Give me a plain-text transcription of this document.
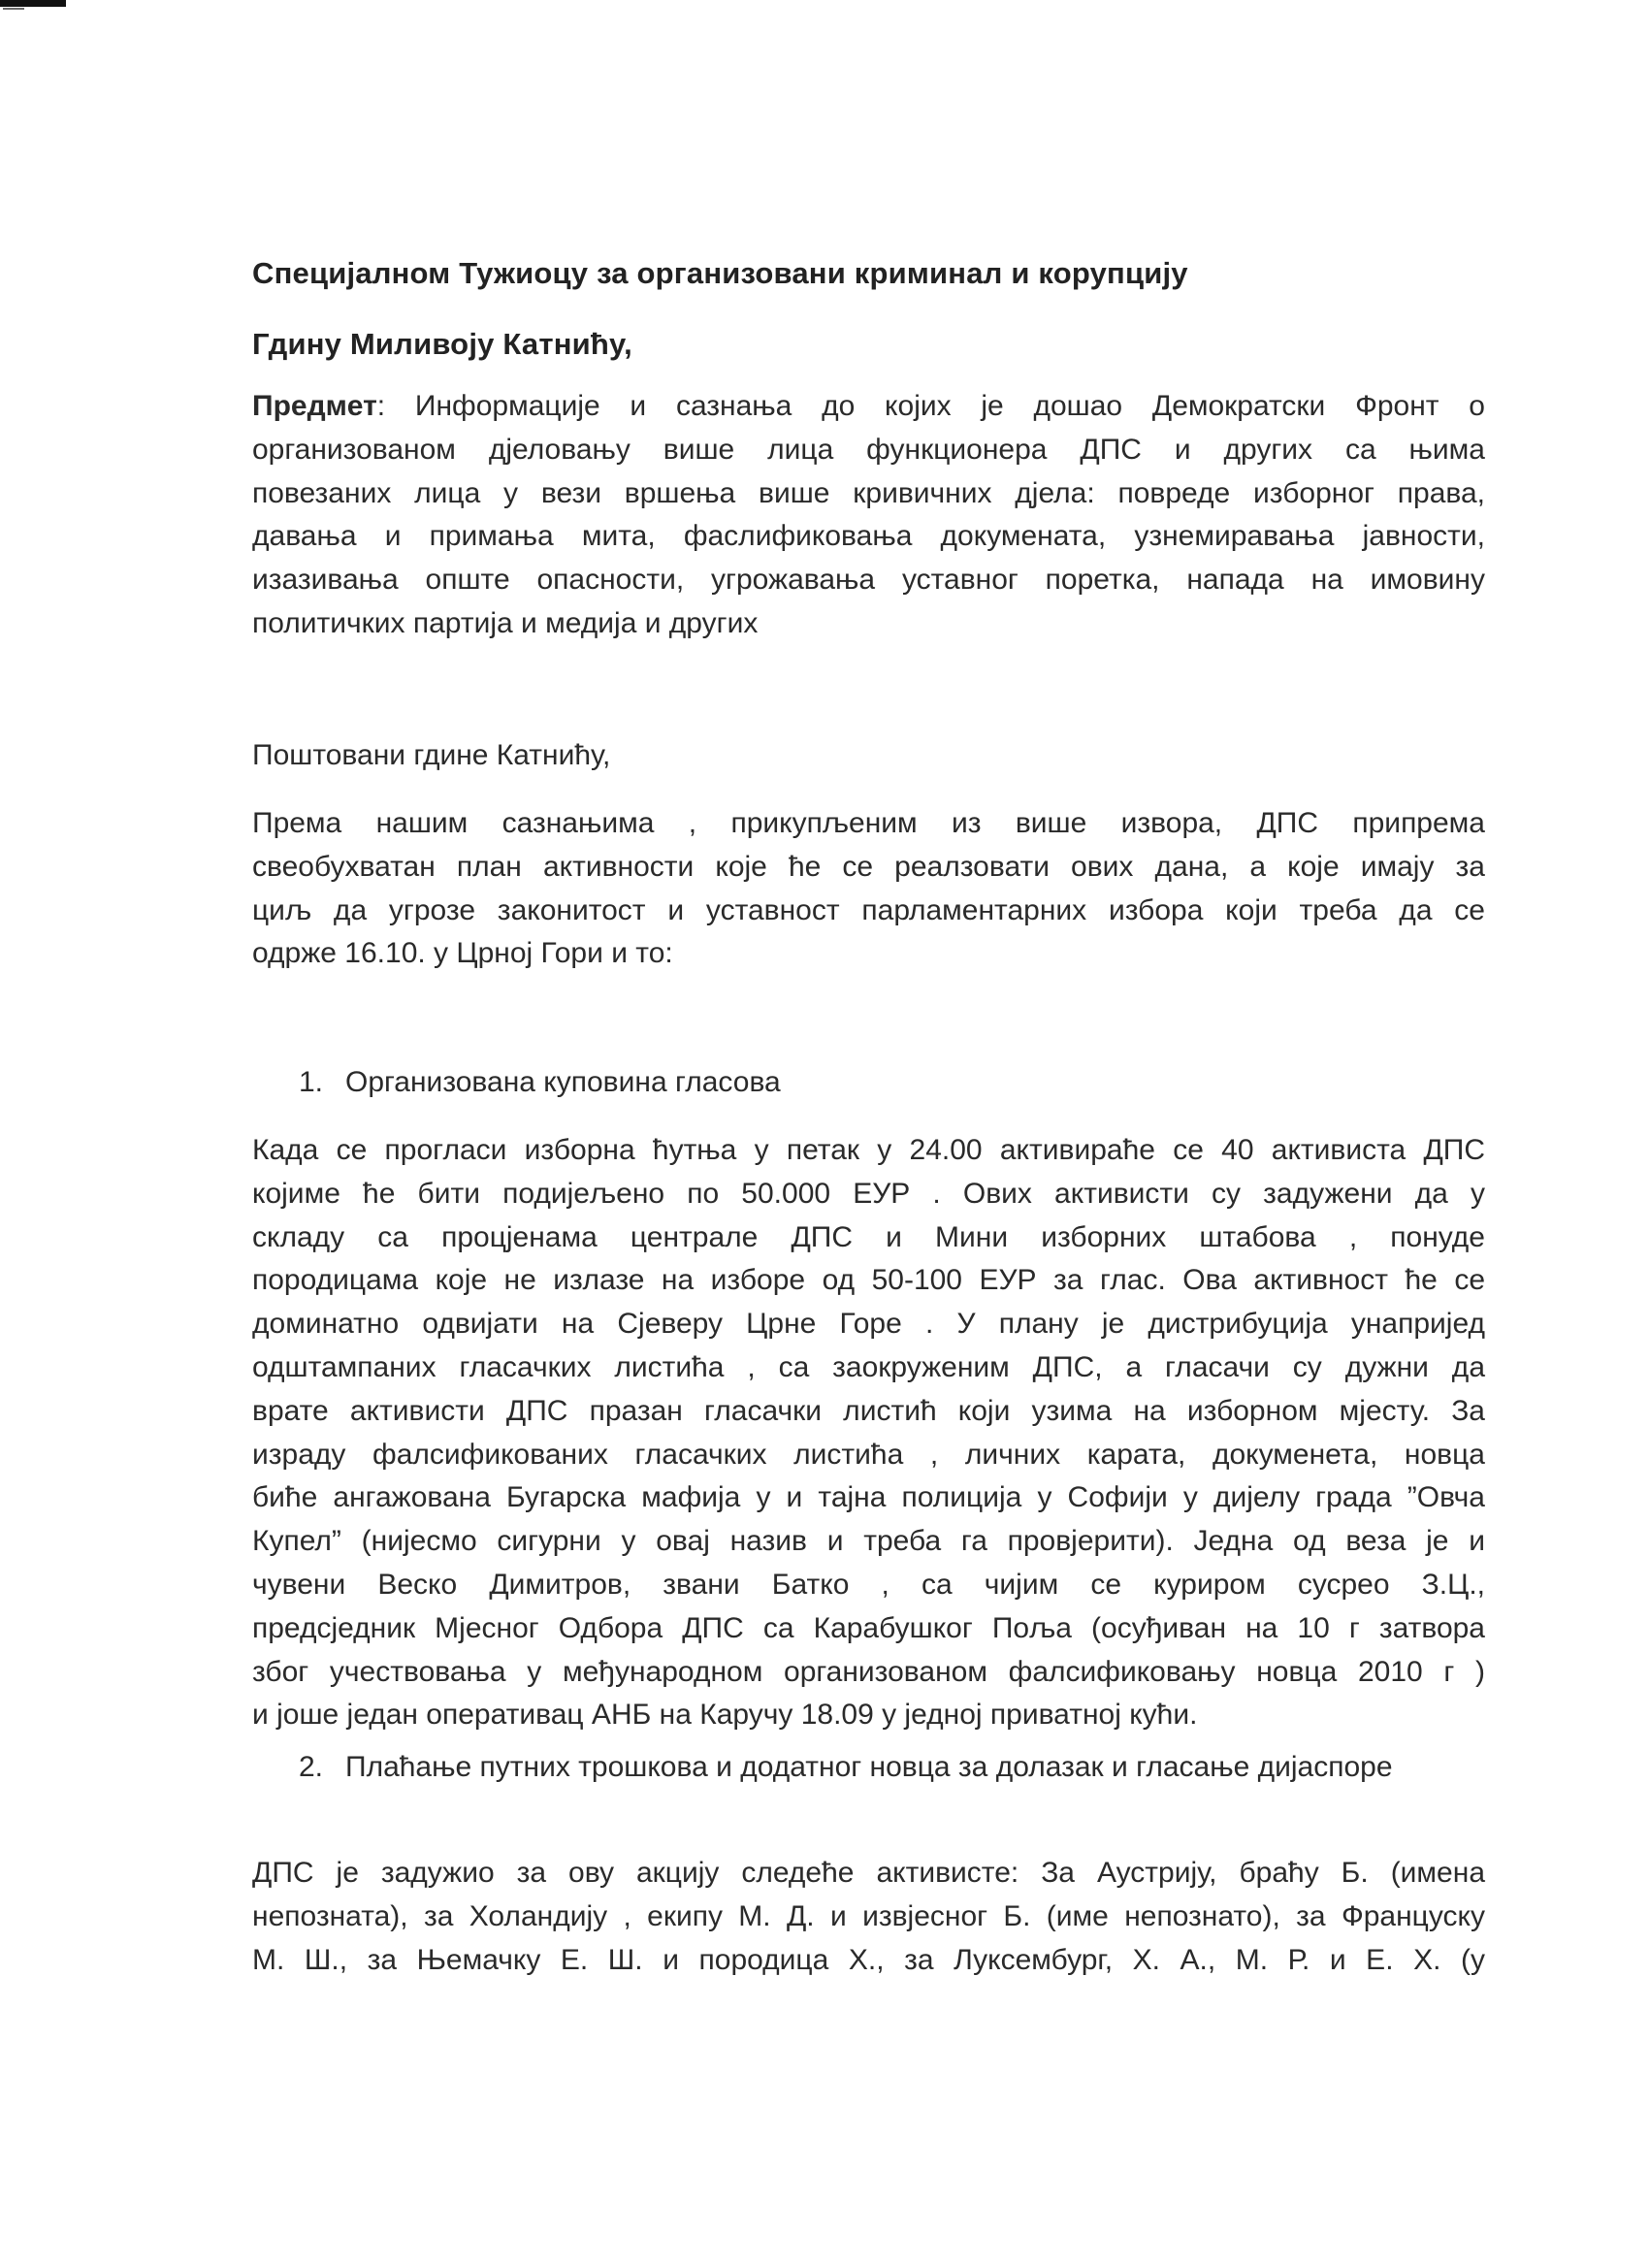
Специјалном Тужиоцу за организовани криминал и корупцију
Гдину Миливоју Катнићу,
Предмет: Информације и сазнања до којих је дошао Демократски Фронт о
организованом дјеловању више лица функционера ДПС и других са њима
повезаних лица у вези вршења више кривичних дјела: повреде изборног права,
давања и примања мита, фаслификовања докумената, узнемиравања јавности,
изазивања опште опасности, угрожавања уставног поретка, напада на имовину
политичких партија и медија и других
Поштовани гдине Катнићу,
Према нашим сазнањима , прикупљеним из више извора, ДПС припрема
свеобухватан план активности које ће се реалзовати ових дана, а које имају за
циљ да угрозе законитост и уставност парламентарних избора који треба да се
одрже 16.10. у Црној Гори и то:
1. Организована куповина гласова
Када се прогласи изборна ћутња у петак у 24.00 активираће се 40 активиста ДПС
којиме ће бити подијељено по 50.000 ЕУР . Ових активисти су задужени да у
складу са процјенама централе ДПС и Мини изборних штабова , понуде
породицама које не излазе на изборе од 50-100 ЕУР за глас. Ова активност ће се
доминатно одвијати на Сјеверу Црне Горе . У плану је дистрибуција унапријед
одштампаних гласачких листића , са заокруженим ДПС, а гласачи су дужни да
врате активисти ДПС празан гласачки листић који узима на изборном мјесту. За
израду фалсификованих гласачких листића , личних карата, докуменета, новца
биће ангажована Бугарска мафија у и тајна полиција у Софији у дијелу града ”Овча
Купел” (нијесмо сигурни у овај назив и треба га провјерити). Једна од веза је и
чувени Веско Димитров, звани Батко , са чијим се куриром сусрео З.Ц.,
предсједник Мјесног Одбора ДПС са Карабушког Поља (осуђиван на 10 г затвора
због учествовања у међународном организованом фалсификовању новца 2010 г )
и јоше један оперативац АНБ на Каручу 18.09 у једној приватној кући.
2. Плаћање путних трошкова и додатног новца за долазак и гласање дијаспоре
ДПС је задужио за ову акцију следеће активисте: За Аустрију, браћу Б. (имена
непозната), за Холандију , екипу М. Д. и извјесног Б. (име непознато), за Француску
М. Ш., за Њемачку Е. Ш. и породица Х., за Луксембург, Х. А., М. Р. и Е. Х. (у
